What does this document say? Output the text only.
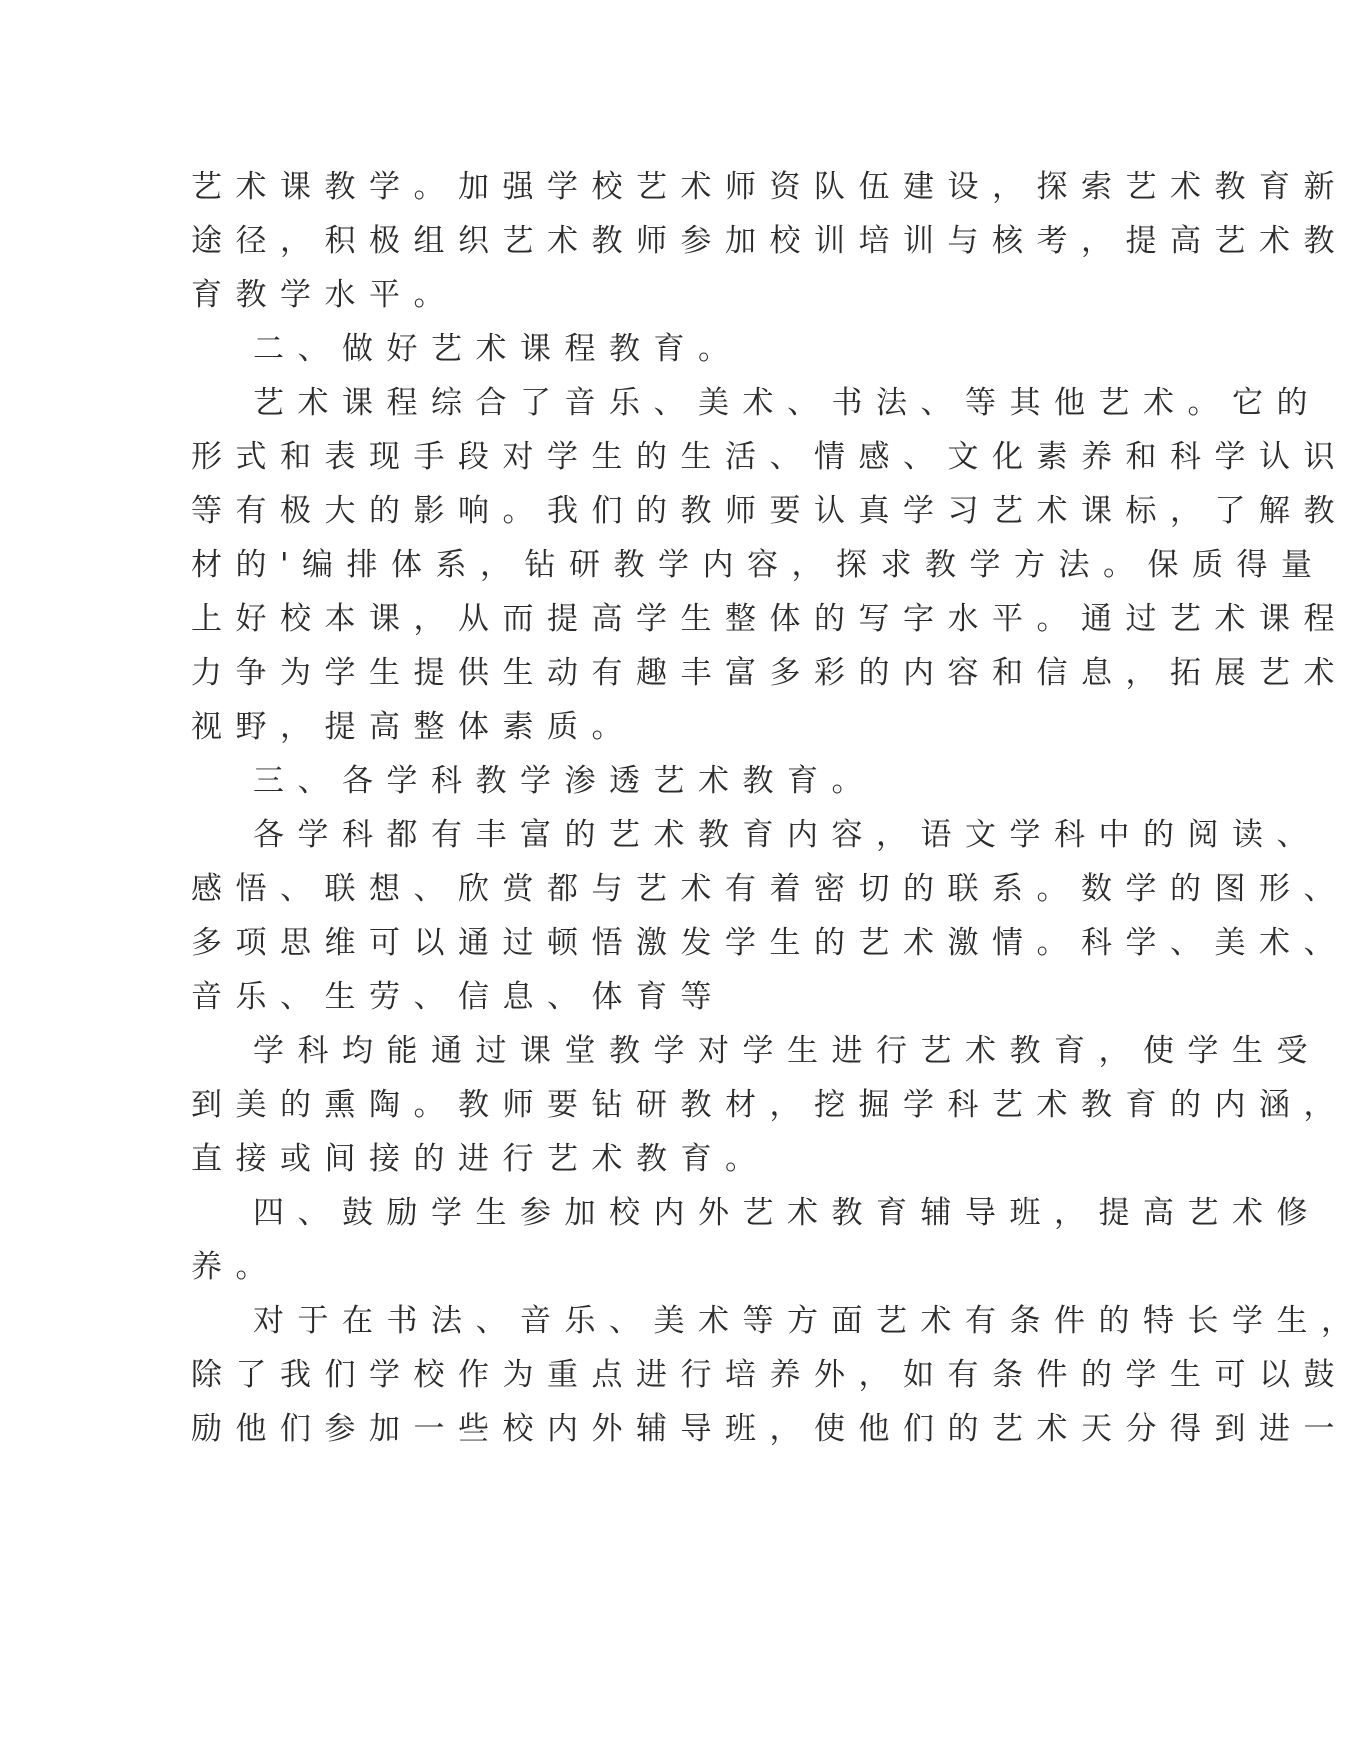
艺术课教学。加强学校艺术师资队伍建设，探索艺术教育新
途径，积极组织艺术教师参加校训培训与核考，提高艺术教
育教学水平。
二、做好艺术课程教育。
艺术课程综合了音乐、美术、书法、等其他艺术。它的
形式和表现手段对学生的生活、情感、文化素养和科学认识
等有极大的影响。我们的教师要认真学习艺术课标，了解教
材的'编排体系，钻研教学内容，探求教学方法。保质得量
上好校本课，从而提高学生整体的写字水平。通过艺术课程
力争为学生提供生动有趣丰富多彩的内容和信息，拓展艺术
视野，提高整体素质。
三、各学科教学渗透艺术教育。
各学科都有丰富的艺术教育内容，语文学科中的阅读、
感悟、联想、欣赏都与艺术有着密切的联系。数学的图形、
多项思维可以通过顿悟激发学生的艺术激情。科学、美术、
音乐、生劳、信息、体育等
学科均能通过课堂教学对学生进行艺术教育，使学生受
到美的熏陶。教师要钻研教材，挖掘学科艺术教育的内涵，
直接或间接的进行艺术教育。
四、鼓励学生参加校内外艺术教育辅导班，提高艺术修
养。
对于在书法、音乐、美术等方面艺术有条件的特长学生，
除了我们学校作为重点进行培养外，如有条件的学生可以鼓
励他们参加一些校内外辅导班，使他们的艺术天分得到进一
